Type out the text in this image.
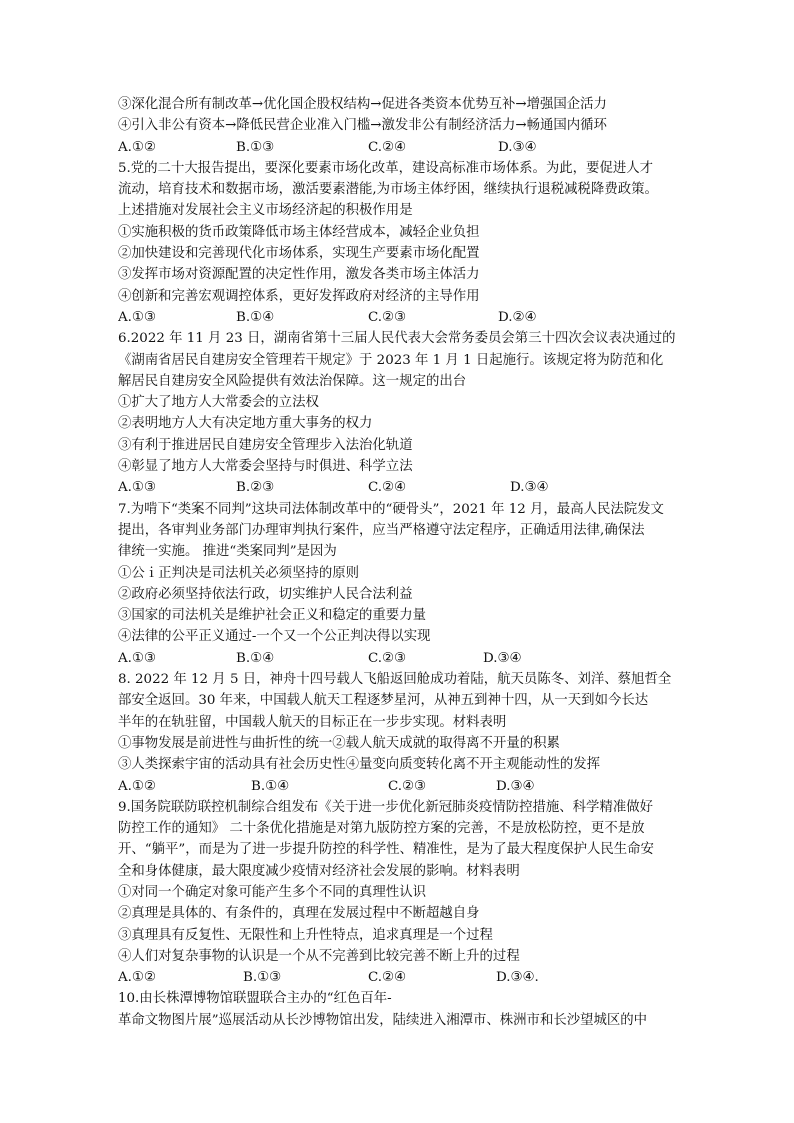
③深化混合所有制改革→优化国企股权结构→促进各类资本优势互补→增强国企活力
④引入非公有资本→降低民营企业准入门槛→激发非公有制经济活力→畅通国内循环
A.①②	B.①③	C.②④	D.③④
5.党的二十大报告提出，要深化要素市场化改革，建设高标准市场体系。为此，要促进人才
流动，培育技术和数据市场，激活要素潜能,为市场主体纾困，继续执行退税减税降费政策。
上述措施对发展社会主义市场经济起的积极作用是
①实施积极的货币政策降低市场主体经营成本，减轻企业负担
②加快建设和完善现代化市场体系，实现生产要素市场化配置
③发挥市场对资源配置的决定性作用，激发各类市场主体活力
④创新和完善宏观调控体系，更好发挥政府对经济的主导作用
A.①③	B.①④	C.②③	D.②④
6.2022 年 11 月 23 日，湖南省第十三届人民代表大会常务委员会第三十四次会议表决通过的
《湖南省居民自建房安全管理若干规定》于 2023 年 1 月 1 日起施行。该规定将为防范和化
解居民自建房安全风险提供有效法治保障。这一规定的出台
①扩大了地方人大常委会的立法权
②表明地方人大有决定地方重大事务的权力
③有利于推进居民自建房安全管理步入法治化轨道
④彰显了地方人大常委会坚持与时俱进、科学立法
A.①③	B.②③	C.②④	D.③④
7.为啃下“类案不同判”这块司法体制改革中的“硬骨头”，2021 年 12 月，最高人民法院发文
提出，各审判业务部门办理审判执行案件，应当严格遵守法定程序，正确适用法律,确保法
律统一实施。 推进“类案同判”是因为
①公ｉ正判决是司法机关必须坚持的原则
②政府必须坚持依法行政，切实维护人民合法利益
③国家的司法机关是维护社会正义和稳定的重要力量
④法律的公平正义通过-一个又一个公正判决得以实现
A.①③	B.①④	C.②③	D.③④
8. 2022 年 12 月 5 日，神舟十四号载人飞船返回舱成功着陆，航天员陈冬、刘洋、蔡旭哲全
部安全返回。30 年来，中国载人航天工程逐梦星河，从神五到神十四，从一天到如今长达
半年的在轨驻留，中国载人航天的目标正在一步步实现。材料表明
①事物发展是前进性与曲折性的统一②载人航天成就的取得离不开量的积累
③人类探索宇宙的活动具有社会历史性④量变向质变转化离不开主观能动性的发挥
A.①②	B.①④	C.②③	D.③④
9.国务院联防联控机制综合组发布《关于进一步优化新冠肺炎疫情防控措施、科学精准做好
防控工作的通知》 二十条优化措施是对第九版防控方案的完善，不是放松防控，更不是放
开、“躺平”，而是为了进一步提升防控的科学性、精准性，是为了最大程度保护人民生命安
全和身体健康，最大限度减少疫情对经济社会发展的影响。材料表明
①对同一个确定对象可能产生多个不同的真理性认识
②真理是具体的、有条件的，真理在发展过程中不断超越自身
③真理具有反复性、无限性和上升性特点，追求真理是一个过程
④人们对复杂事物的认识是一个从不完善到比较完善不断上升的过程
A.①②	B.①③	C.②④	D.③④.
10.由长株潭博物馆联盟联合主办的“红色百年-
革命文物图片展”巡展活动从长沙博物馆出发，陆续进入湘潭市、株洲市和长沙望城区的中
